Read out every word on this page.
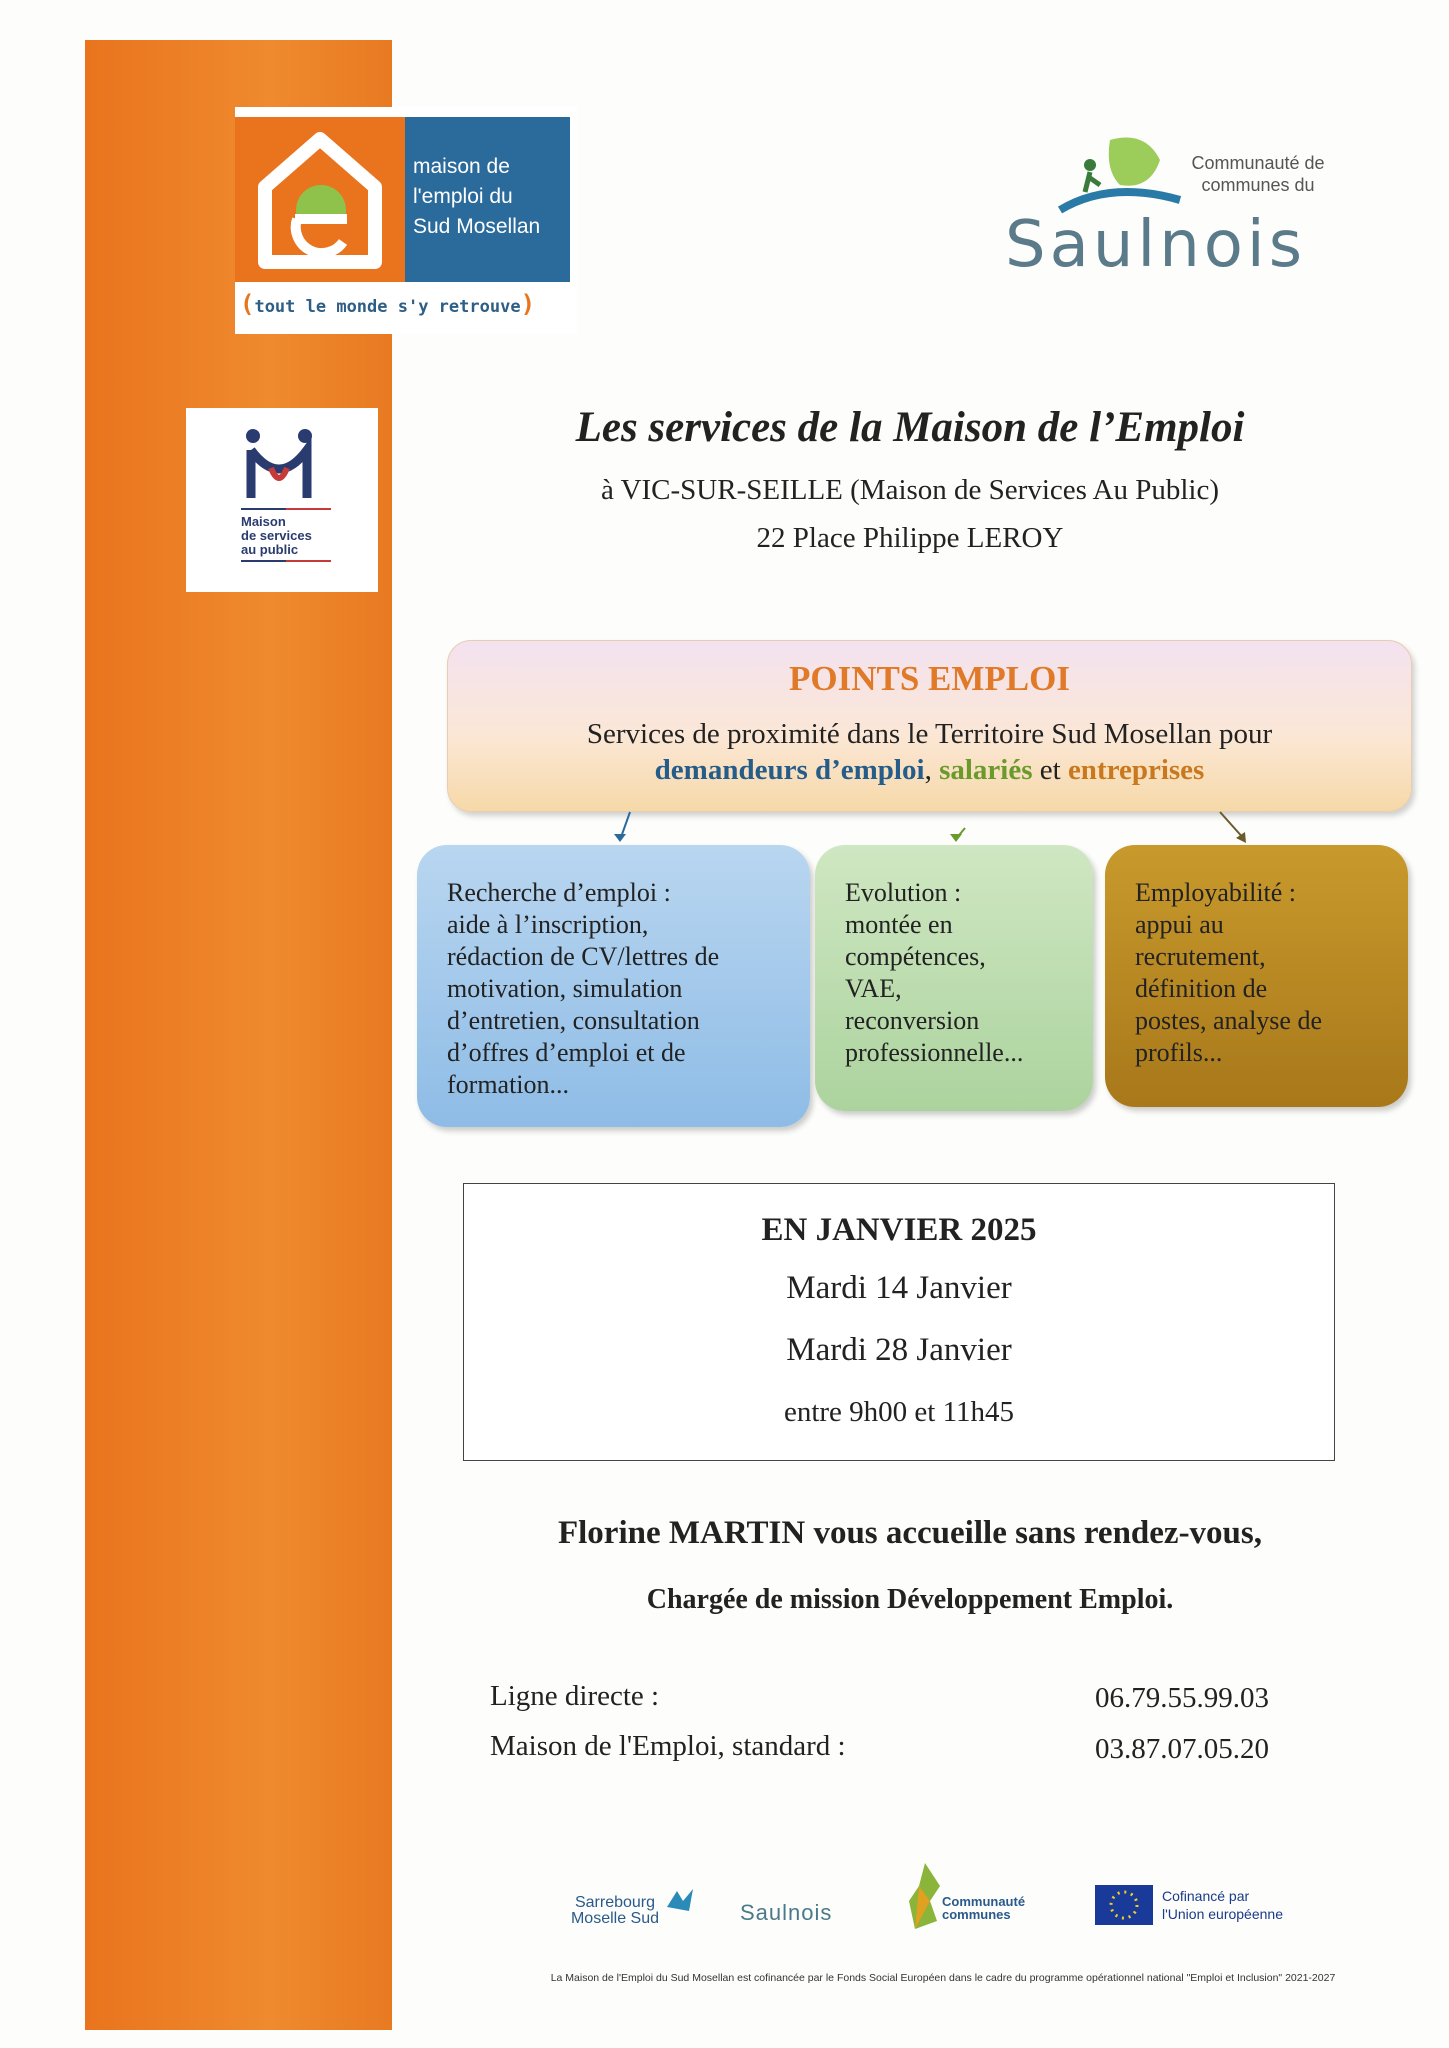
maison de
l'emploi du
Sud Mosellan
(tout le monde s'y retrouve)
Maison
de services
au public
Communauté de
communes du
Saulnois
Les services de la Maison de l’Emploi
à VIC-SUR-SEILLE (Maison de Services Au Public)
22 Place Philippe LEROY
POINTS EMPLOI
Services de proximité dans le Territoire Sud Mosellan pour
demandeurs d’emploi, salariés et entreprises
Recherche d’emploi :
aide à l’inscription,
rédaction de CV/lettres de
motivation, simulation
d’entretien, consultation
d’offres d’emploi et de
formation...
Evolution :
montée en
compétences,
VAE,
reconversion
professionnelle...
Employabilité :
appui au
recrutement,
définition de
postes, analyse de
profils...
EN JANVIER 2025
Mardi 14 Janvier
Mardi 28 Janvier
entre 9h00 et 11h45
Florine MARTIN vous accueille sans rendez-vous,
Chargée de mission Développement Emploi.
Ligne directe :	06.79.55.99.03
Maison de l'Emploi, standard :	03.87.07.05.20
Sarrebourg
Moselle Sud	Saulnois	Communauté
communes
Cofinancé par
l'Union européenne
La Maison de l'Emploi du Sud Mosellan est cofinancée par le Fonds Social Européen dans le cadre du programme opérationnel national "Emploi et Inclusion" 2021-2027
